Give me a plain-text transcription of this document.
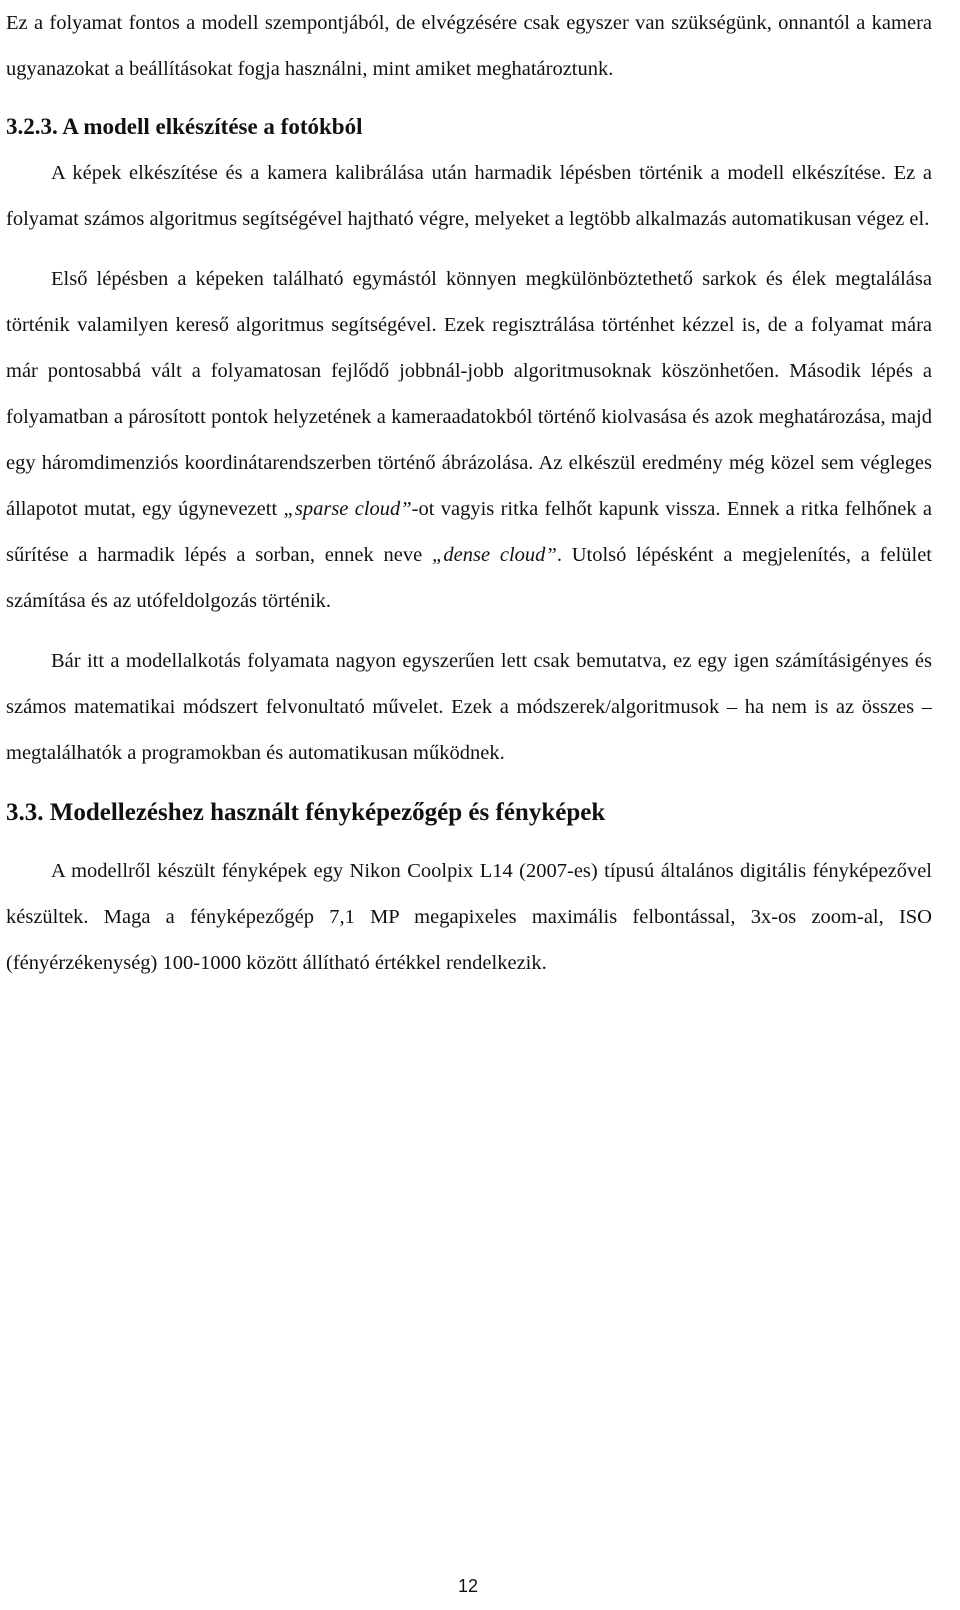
Ez a folyamat fontos a modell szempontjából, de elvégzésére csak egyszer van szükségünk, onnantól a kamera ugyanazokat a beállításokat fogja használni, mint amiket meghatároztunk.

3.2.3. A modell elkészítése a fotókból

A képek elkészítése és a kamera kalibrálása után harmadik lépésben történik a modell elkészítése. Ez a folyamat számos algoritmus segítségével hajtható végre, melyeket a legtöbb alkalmazás automatikusan végez el.

Első lépésben a képeken található egymástól könnyen megkülönböztethető sarkok és élek megtalálása történik valamilyen kereső algoritmus segítségével. Ezek regisztrálása történhet kézzel is, de a folyamat mára már pontosabbá vált a folyamatosan fejlődő jobbnál-jobb algoritmusoknak köszönhetően. Második lépés a folyamatban a párosított pontok helyzetének a kameraadatokból történő kiolvasása és azok meghatározása, majd egy háromdimenziós koordinátarendszerben történő ábrázolása. Az elkészül eredmény még közel sem végleges állapotot mutat, egy úgynevezett „sparse cloud”-ot vagyis ritka felhőt kapunk vissza. Ennek a ritka felhőnek a sűrítése a harmadik lépés a sorban, ennek neve „dense cloud”. Utolsó lépésként a megjelenítés, a felület számítása és az utófeldolgozás történik.

Bár itt a modellalkotás folyamata nagyon egyszerűen lett csak bemutatva, ez egy igen számításigényes és számos matematikai módszert felvonultató művelet. Ezek a módszerek/algoritmusok – ha nem is az összes – megtalálhatók a programokban és automatikusan működnek.

3.3. Modellezéshez használt fényképezőgép és fényképek

A modellről készült fényképek egy Nikon Coolpix L14 (2007-es) típusú általános digitális fényképezővel készültek. Maga a fényképezőgép 7,1 MP megapixeles maximális felbontással, 3x-os zoom-al, ISO (fényérzékenység) 100-1000 között állítható értékkel rendelkezik.

12
